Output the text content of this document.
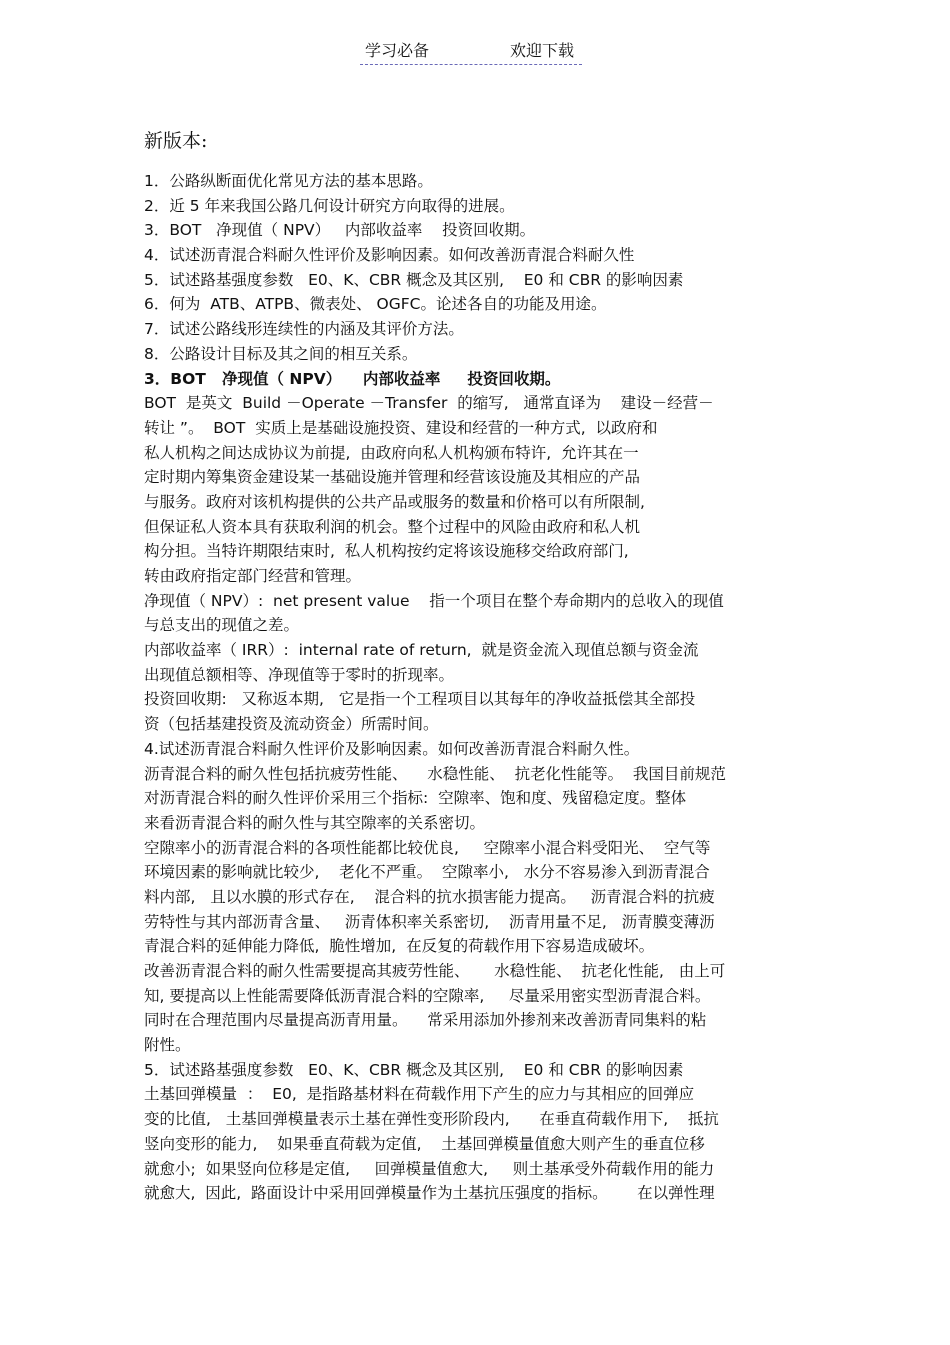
学习必备	欢迎下载
新版本:
1．公路纵断面优化常见方法的基本思路。
2．近 5 年来我国公路几何设计研究方向取得的进展。
3．BOT   净现值（ NPV）   内部收益率    投资回收期。
4．试述沥青混合料耐久性评价及影响因素。如何改善沥青混合料耐久性
5．试述路基强度参数   E0、K、CBR 概念及其区别,    E0 和 CBR 的影响因素
6．何为  ATB、ATPB、微表处、 OGFC。论述各自的功能及用途。
7．试述公路线形连续性的内涵及其评价方法。
8．公路设计目标及其之间的相互关系。
3．BOT   净现值（ NPV）    内部收益率     投资回收期。
BOT  是英文  Build －Operate －Transfer  的缩写,   通常直译为    建设－经营－
转让 ”。  BOT  实质上是基础设施投资、建设和经营的一种方式,  以政府和
私人机构之间达成协议为前提,  由政府向私人机构颁布特许,  允许其在一
定时期内筹集资金建设某一基础设施并管理和经营该设施及其相应的产品
与服务。政府对该机构提供的公共产品或服务的数量和价格可以有所限制,
但保证私人资本具有获取利润的机会。整个过程中的风险由政府和私人机
构分担。当特许期限结束时,  私人机构按约定将该设施移交给政府部门,
转由政府指定部门经营和管理。
净现值（ NPV）:  net present value    指一个项目在整个寿命期内的总收入的现值
与总支出的现值之差。
内部收益率（ IRR）:  internal rate of return,  就是资金流入现值总额与资金流
出现值总额相等、净现值等于零时的折现率。
投资回收期:   又称返本期,   它是指一个工程项目以其每年的净收益抵偿其全部投
资（包括基建投资及流动资金）所需时间。
4.试述沥青混合料耐久性评价及影响因素。如何改善沥青混合料耐久性。
沥青混合料的耐久性包括抗疲劳性能、    水稳性能、  抗老化性能等。  我国目前规范
对沥青混合料的耐久性评价采用三个指标:  空隙率、饱和度、残留稳定度。整体
来看沥青混合料的耐久性与其空隙率的关系密切。
空隙率小的沥青混合料的各项性能都比较优良,     空隙率小混合料受阳光、  空气等
环境因素的影响就比较少,    老化不严重。  空隙率小,   水分不容易渗入到沥青混合
料内部,   且以水膜的形式存在,    混合料的抗水损害能力提高。   沥青混合料的抗疲
劳特性与其内部沥青含量、   沥青体积率关系密切,    沥青用量不足,   沥青膜变薄沥
青混合料的延伸能力降低,  脆性增加,  在反复的荷载作用下容易造成破坏。
改善沥青混合料的耐久性需要提高其疲劳性能、     水稳性能、  抗老化性能,   由上可
知, 要提高以上性能需要降低沥青混合料的空隙率,     尽量采用密实型沥青混合料。
同时在合理范围内尽量提高沥青用量。    常采用添加外掺剂来改善沥青同集料的粘
附性。
5．试述路基强度参数   E0、K、CBR 概念及其区别,    E0 和 CBR 的影响因素
土基回弹模量  ：  E0,  是指路基材料在荷载作用下产生的应力与其相应的回弹应
变的比值,   土基回弹模量表示土基在弹性变形阶段内,      在垂直荷载作用下,    抵抗
竖向变形的能力,    如果垂直荷载为定值,    土基回弹模量值愈大则产生的垂直位移
就愈小;  如果竖向位移是定值,     回弹模量值愈大,     则土基承受外荷载作用的能力
就愈大,  因此,  路面设计中采用回弹模量作为土基抗压强度的指标。      在以弹性理
